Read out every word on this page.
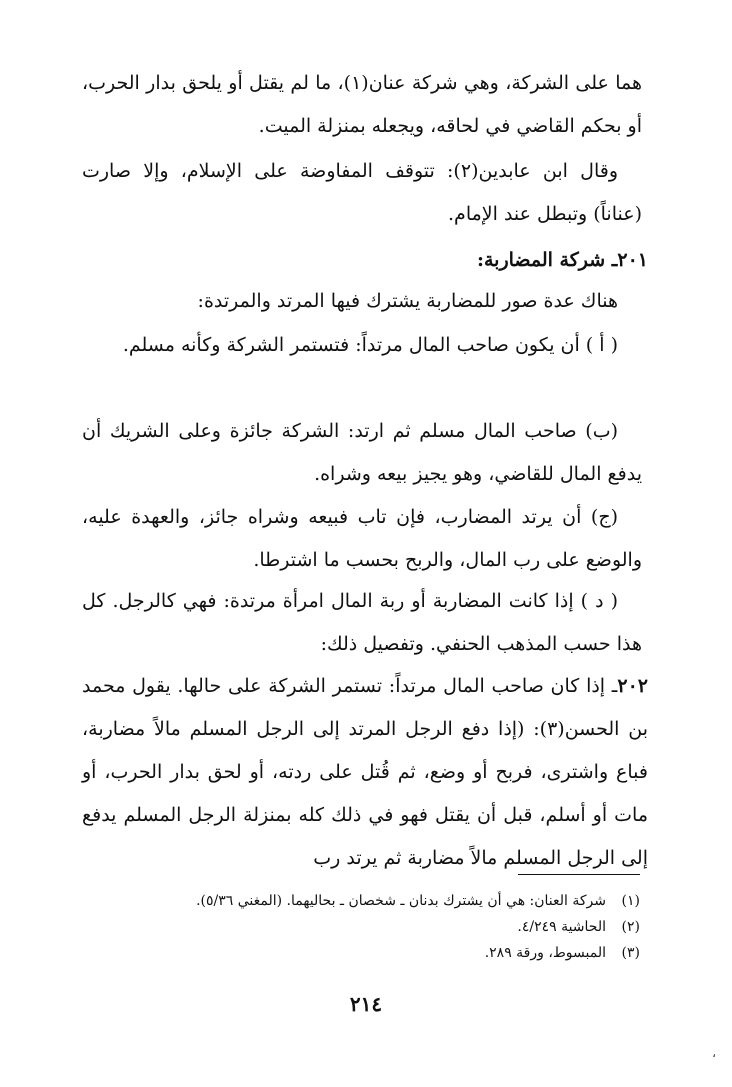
هما على الشركة، وهي شركة عنان(١)، ما لم يقتل أو يلحق بدار الحرب، أو بحكم القاضي في لحاقه، ويجعله بمنزلة الميت.
وقال ابن عابدين(٢): تتوقف المفاوضة على الإسلام، وإلا صارت (عناناً) وتبطل عند الإمام.
٢٠١ـ شركة المضاربة:
هناك عدة صور للمضاربة يشترك فيها المرتد والمرتدة:
( أ ) أن يكون صاحب المال مرتداً: فتستمر الشركة وكأنه مسلم.
(ب) صاحب المال مسلم ثم ارتد: الشركة جائزة وعلى الشريك أن يدفع المال للقاضي، وهو يجيز بيعه وشراه.
(ج) أن يرتد المضارب، فإن تاب فبيعه وشراه جائز، والعهدة عليه، والوضع على رب المال، والربح بحسب ما اشترطا.
( د ) إذا كانت المضاربة أو ربة المال امرأة مرتدة: فهي كالرجل. كل هذا حسب المذهب الحنفي. وتفصيل ذلك:
٢٠٢ـ إذا كان صاحب المال مرتداً: تستمر الشركة على حالها. يقول محمد بن الحسن(٣): (إذا دفع الرجل المرتد إلى الرجل المسلم مالاً مضاربة، فباع واشترى، فربح أو وضع، ثم قُتل على ردته، أو لحق بدار الحرب، أو مات أو أسلم، قبل أن يقتل فهو في ذلك كله بمنزلة الرجل المسلم يدفع إلى الرجل المسلم مالاً مضاربة ثم يرتد رب
(١)شركة العنان: هي أن يشترك بدنان ـ شخصان ـ بحاليهما. (المغني ٥/٣٦).
(٢)الحاشية ٤/٢٤٩.
(٣)المبسوط، ورقة ٢٨٩.
٢١٤
،
